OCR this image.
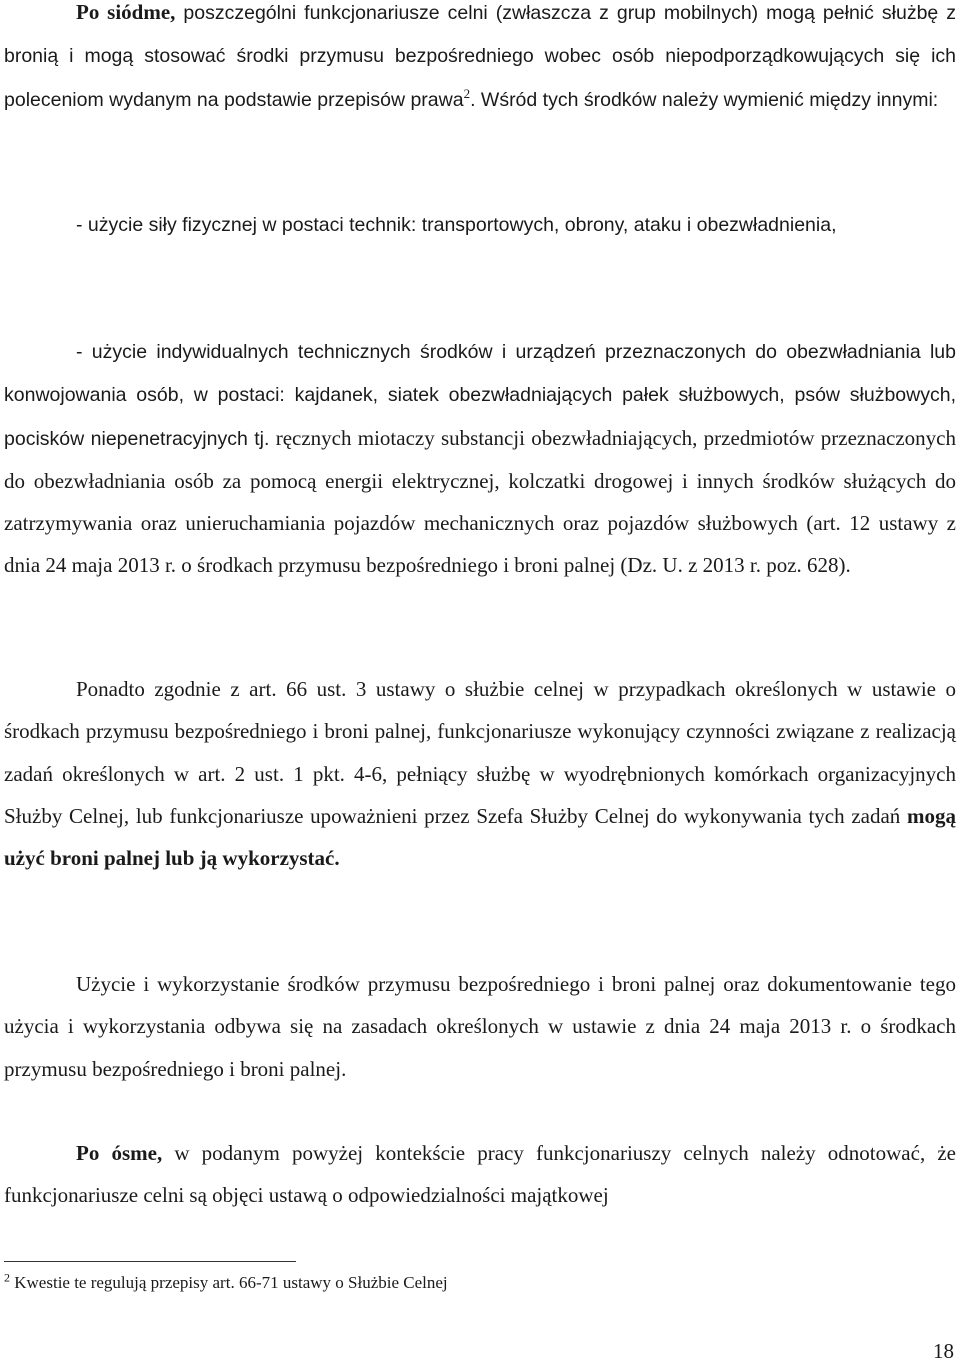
Po siódme, poszczególni funkcjonariusze celni (zwłaszcza z grup mobilnych) mogą pełnić służbę z bronią i mogą stosować środki przymusu bezpośredniego wobec osób niepodporządkowujących się ich poleceniom wydanym na podstawie przepisów prawa$^2$. Wśród tych środków należy wymienić między innymi:

- użycie siły fizycznej w postaci technik: transportowych, obrony, ataku i obezwładnienia,

- użycie indywidualnych technicznych środków i urządzeń przeznaczonych do obezwładniania lub konwojowania osób, w postaci: kajdanek, siatek obezwładniających pałek służbowych, psów służbowych, pocisków niepenetracyjnych tj. ręcznych miotaczy substancji obezwładniających, przedmiotów przeznaczonych do obezwładniania osób za pomocą energii elektrycznej, kolczatki drogowej i innych środków służących do zatrzymywania oraz unieruchamiania pojazdów mechanicznych oraz pojazdów służbowych (art. 12 ustawy z dnia 24 maja 2013 r. o środkach przymusu bezpośredniego i broni palnej (Dz. U. z 2013 r. poz. 628).

Ponadto zgodnie z art. 66 ust. 3 ustawy o służbie celnej w przypadkach określonych w ustawie o środkach przymusu bezpośredniego i broni palnej, funkcjonariusze wykonujący czynności związane z realizacją zadań określonych w art. 2 ust. 1 pkt. 4-6, pełniący służbę w wyodrębnionych komórkach organizacyjnych Służby Celnej, lub funkcjonariusze upoważnieni przez Szefa Służby Celnej do wykonywania tych zadań mogą użyć broni palnej lub ją wykorzystać.

Użycie i wykorzystanie środków przymusu bezpośredniego i broni palnej oraz dokumentowanie tego użycia i wykorzystania odbywa się na zasadach określonych w ustawie z dnia 24 maja 2013 r. o środkach przymusu bezpośredniego i broni palnej.

Po ósme, w podanym powyżej kontekście pracy funkcjonariuszy celnych należy odnotować, że funkcjonariusze celni są objęci ustawą o odpowiedzialności majątkowej

$^2$ Kwestie te regulują przepisy art. 66-71 ustawy o Służbie Celnej
18
